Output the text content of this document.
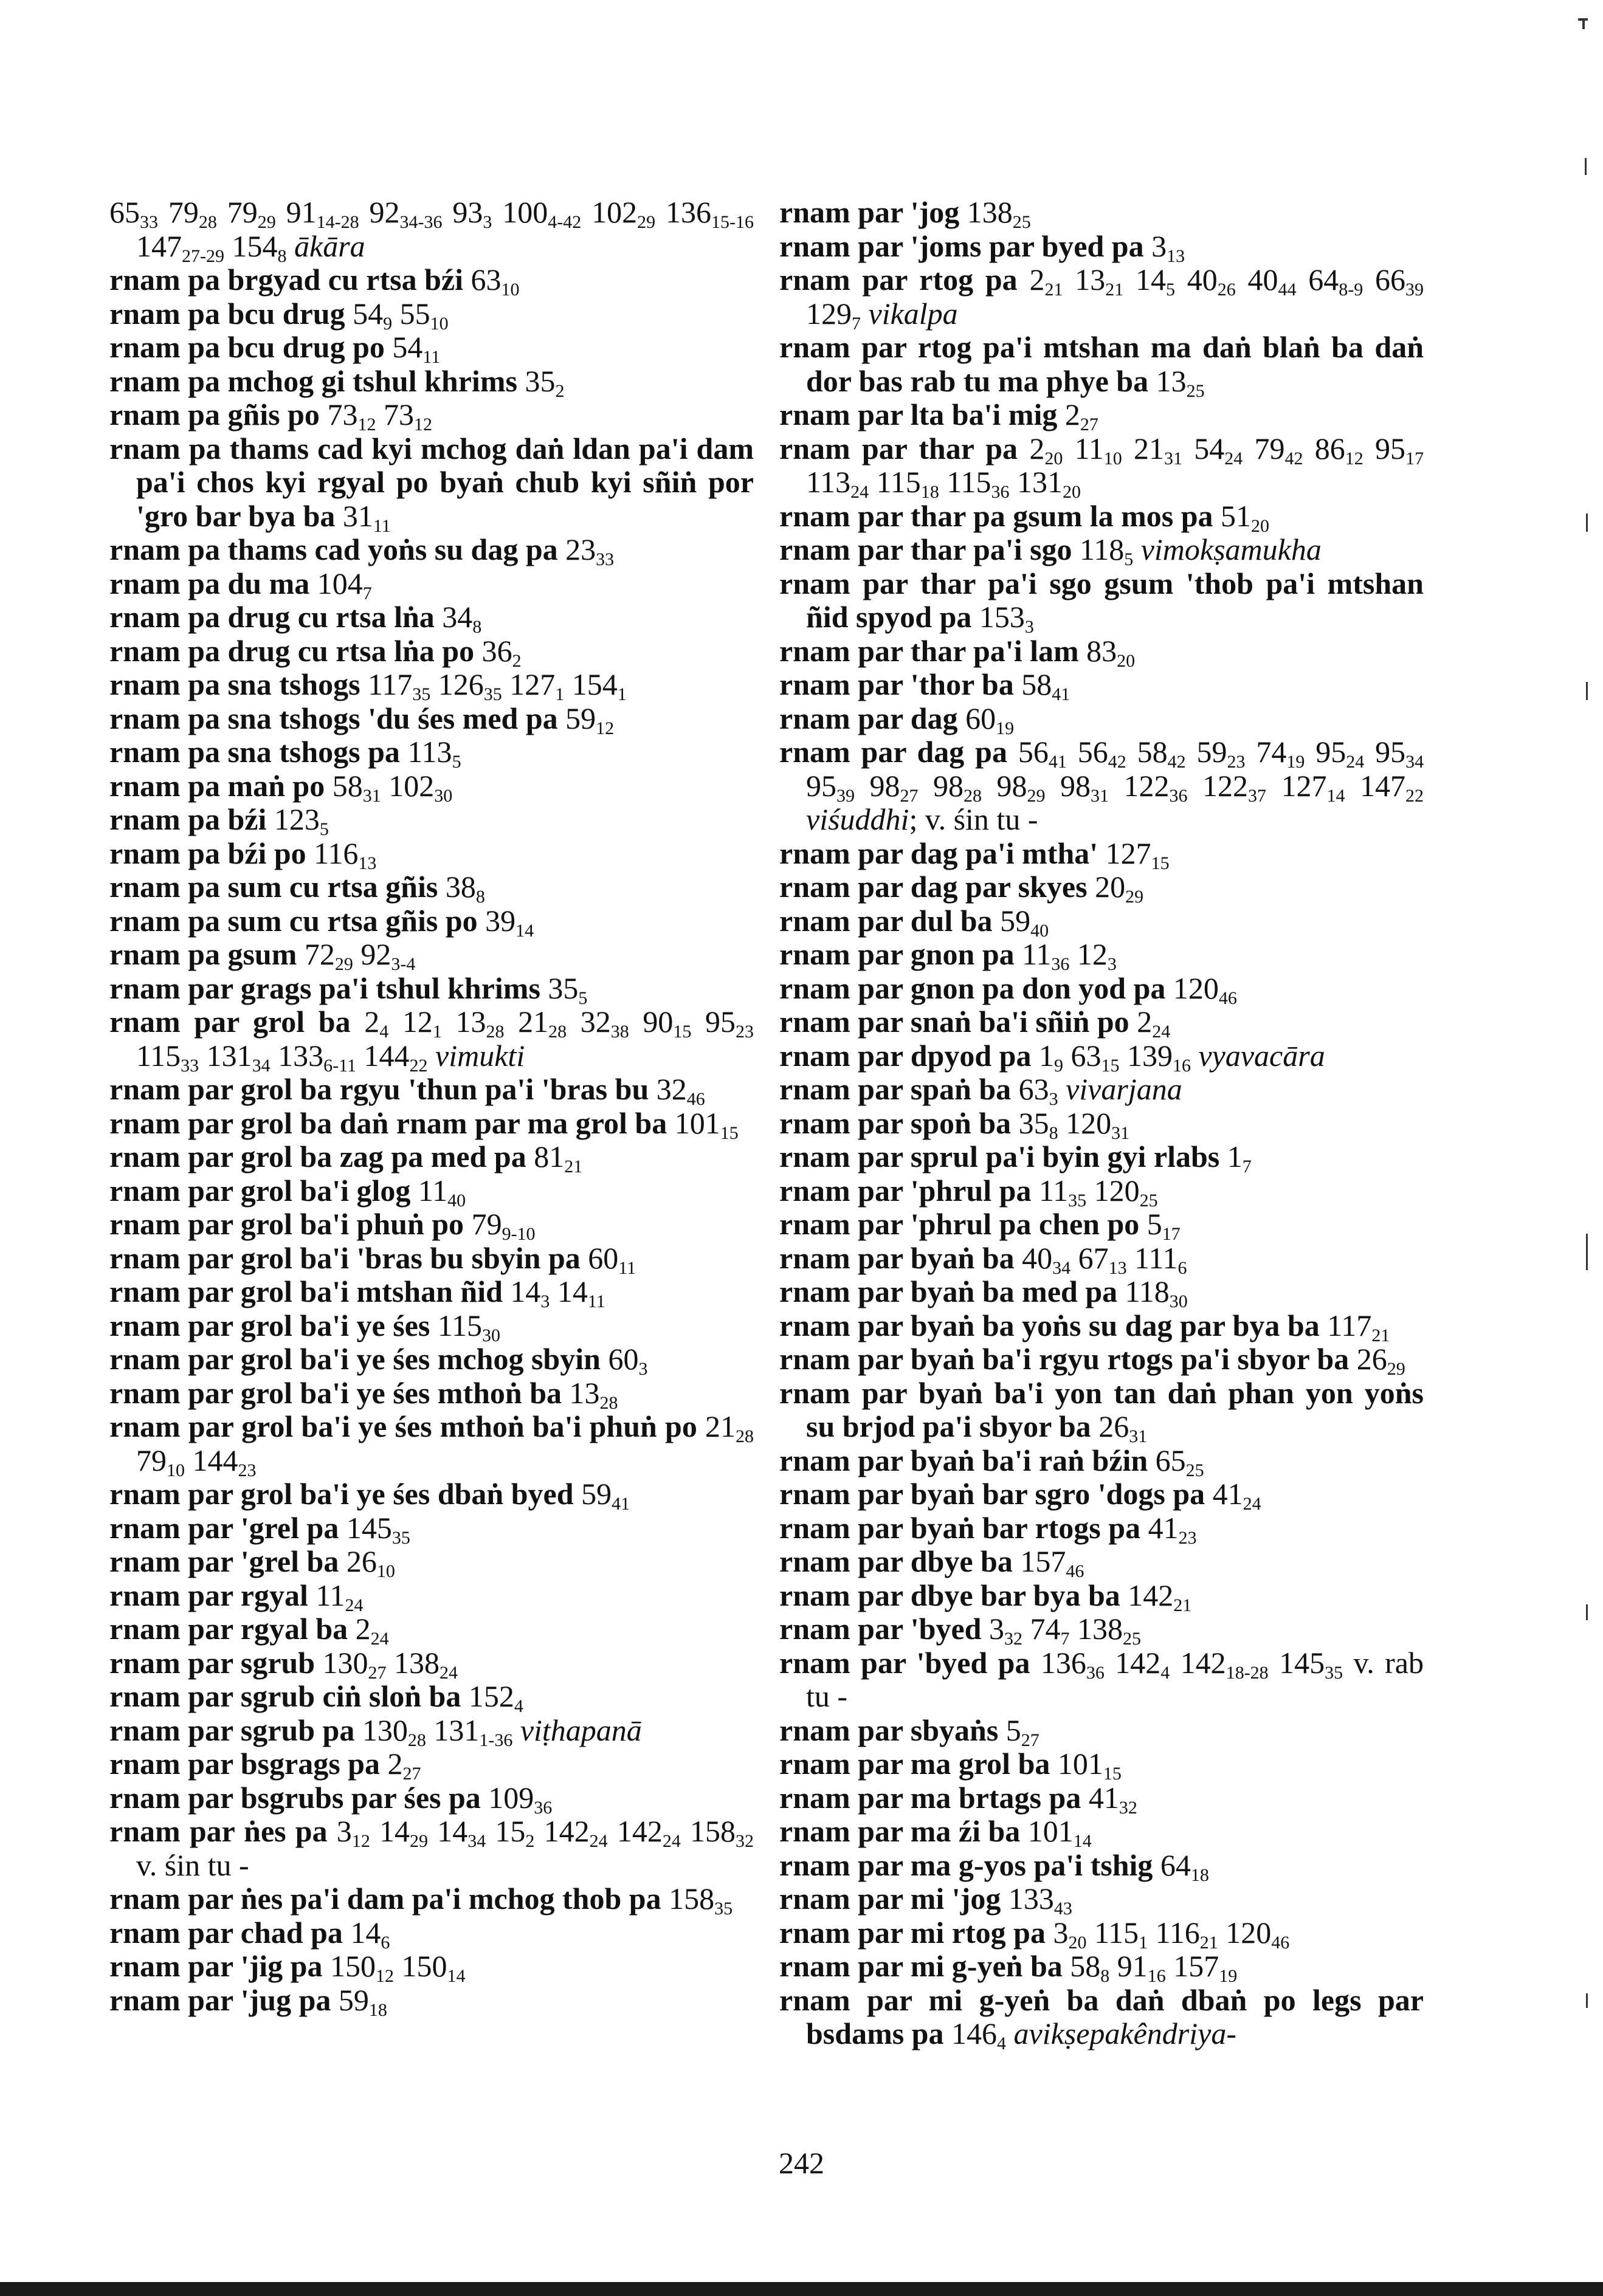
$65_{33}$ $79_{28}$ $79_{29}$ $91_{14-28}$ $92_{34-36}$ $93_3$ $100_{4-42}$ $102_{29}$ $136_{15-16}$ $147_{27-29}$ $154_8$ ākāra
rnam pa brgyad cu rtsa bźi $63_{10}$
rnam pa bcu drug $54_9$ $55_{10}$
rnam pa bcu drug po $54_{11}$
rnam pa mchog gi tshul khrims $35_2$
rnam pa gñis po $73_{12}$ $73_{12}$
rnam pa thams cad kyi mchog daṅ ldan pa'i dam pa'i chos kyi rgyal po byaṅ chub kyi sñiṅ por 'gro bar bya ba $31_{11}$
rnam pa thams cad yoṅs su dag pa $23_{33}$
rnam pa du ma $104_7$
rnam pa drug cu rtsa lṅa $34_8$
rnam pa drug cu rtsa lṅa po $36_2$
rnam pa sna tshogs $117_{35}$ $126_{35}$ $127_1$ $154_1$
rnam pa sna tshogs 'du śes med pa $59_{12}$
rnam pa sna tshogs pa $113_5$
rnam pa maṅ po $58_{31}$ $102_{30}$
rnam pa bźi $123_5$
rnam pa bźi po $116_{13}$
rnam pa sum cu rtsa gñis $38_8$
rnam pa sum cu rtsa gñis po $39_{14}$
rnam pa gsum $72_{29}$ $92_{3-4}$
rnam par grags pa'i tshul khrims $35_5$
rnam par grol ba $2_4$ $12_1$ $13_{28}$ $21_{28}$ $32_{38}$ $90_{15}$ $95_{23}$ $115_{33}$ $131_{34}$ $133_{6-11}$ $144_{22}$ vimukti
rnam par grol ba rgyu 'thun pa'i 'bras bu $32_{46}$
rnam par grol ba daṅ rnam par ma grol ba $101_{15}$
rnam par grol ba zag pa med pa $81_{21}$
rnam par grol ba'i glog $11_{40}$
rnam par grol ba'i phuṅ po $79_{9-10}$
rnam par grol ba'i 'bras bu sbyin pa $60_{11}$
rnam par grol ba'i mtshan ñid $14_3$ $14_{11}$
rnam par grol ba'i ye śes $115_{30}$
rnam par grol ba'i ye śes mchog sbyin $60_3$
rnam par grol ba'i ye śes mthoṅ ba $13_{28}$
rnam par grol ba'i ye śes mthoṅ ba'i phuṅ po $21_{28}$ $79_{10}$ $144_{23}$
rnam par grol ba'i ye śes dbaṅ byed $59_{41}$
rnam par 'grel pa $145_{35}$
rnam par 'grel ba $26_{10}$
rnam par rgyal $11_{24}$
rnam par rgyal ba $2_{24}$
rnam par sgrub $130_{27}$ $138_{24}$
rnam par sgrub ciṅ sloṅ ba $152_4$
rnam par sgrub pa $130_{28}$ $131_{1-36}$ viṭhapanā
rnam par bsgrags pa $2_{27}$
rnam par bsgrubs par śes pa $109_{36}$
rnam par ṅes pa $3_{12}$ $14_{29}$ $14_{34}$ $15_2$ $142_{24}$ $142_{24}$ $158_{32}$ v. śin tu -
rnam par ṅes pa'i dam pa'i mchog thob pa $158_{35}$
rnam par chad pa $14_6$
rnam par 'jig pa $150_{12}$ $150_{14}$
rnam par 'jug pa $59_{18}$
rnam par 'jog $138_{25}$
rnam par 'joms par byed pa $3_{13}$
rnam par rtog pa $2_{21}$ $13_{21}$ $14_5$ $40_{26}$ $40_{44}$ $64_{8-9}$ $66_{39}$ $129_7$ vikalpa
rnam par rtog pa'i mtshan ma daṅ blaṅ ba daṅ dor bas rab tu ma phye ba $13_{25}$
rnam par lta ba'i mig $2_{27}$
rnam par thar pa $2_{20}$ $11_{10}$ $21_{31}$ $54_{24}$ $79_{42}$ $86_{12}$ $95_{17}$ $113_{24}$ $115_{18}$ $115_{36}$ $131_{20}$
rnam par thar pa gsum la mos pa $51_{20}$
rnam par thar pa'i sgo $118_5$ vimokṣamukha
rnam par thar pa'i sgo gsum 'thob pa'i mtshan ñid spyod pa $153_3$
rnam par thar pa'i lam $83_{20}$
rnam par 'thor ba $58_{41}$
rnam par dag $60_{19}$
rnam par dag pa $56_{41}$ $56_{42}$ $58_{42}$ $59_{23}$ $74_{19}$ $95_{24}$ $95_{34}$ $95_{39}$ $98_{27}$ $98_{28}$ $98_{29}$ $98_{31}$ $122_{36}$ $122_{37}$ $127_{14}$ $147_{22}$ viśuddhi; v. śin tu -
rnam par dag pa'i mtha' $127_{15}$
rnam par dag par skyes $20_{29}$
rnam par dul ba $59_{40}$
rnam par gnon pa $11_{36}$ $12_3$
rnam par gnon pa don yod pa $120_{46}$
rnam par snaṅ ba'i sñiṅ po $2_{24}$
rnam par dpyod pa $1_9$ $63_{15}$ $139_{16}$ vyavacāra
rnam par spaṅ ba $63_3$ vivarjana
rnam par spoṅ ba $35_8$ $120_{31}$
rnam par sprul pa'i byin gyi rlabs $1_7$
rnam par 'phrul pa $11_{35}$ $120_{25}$
rnam par 'phrul pa chen po $5_{17}$
rnam par byaṅ ba $40_{34}$ $67_{13}$ $111_6$
rnam par byaṅ ba med pa $118_{30}$
rnam par byaṅ ba yoṅs su dag par bya ba $117_{21}$
rnam par byaṅ ba'i rgyu rtogs pa'i sbyor ba $26_{29}$
rnam par byaṅ ba'i yon tan daṅ phan yon yoṅs su brjod pa'i sbyor ba $26_{31}$
rnam par byaṅ ba'i raṅ bźin $65_{25}$
rnam par byaṅ bar sgro 'dogs pa $41_{24}$
rnam par byaṅ bar rtogs pa $41_{23}$
rnam par dbye ba $157_{46}$
rnam par dbye bar bya ba $142_{21}$
rnam par 'byed $3_{32}$ $74_7$ $138_{25}$
rnam par 'byed pa $136_{36}$ $142_4$ $142_{18-28}$ $145_{35}$ v. rab tu -
rnam par sbyaṅs $5_{27}$
rnam par ma grol ba $101_{15}$
rnam par ma brtags pa $41_{32}$
rnam par ma źi ba $101_{14}$
rnam par ma g-yos pa'i tshig $64_{18}$
rnam par mi 'jog $133_{43}$
rnam par mi rtog pa $3_{20}$ $115_1$ $116_{21}$ $120_{46}$
rnam par mi g-yeṅ ba $58_8$ $91_{16}$ $157_{19}$
rnam par mi g-yeṅ ba daṅ dbaṅ po legs par bsdams pa $146_4$ avikṣepakêndriya-
242
